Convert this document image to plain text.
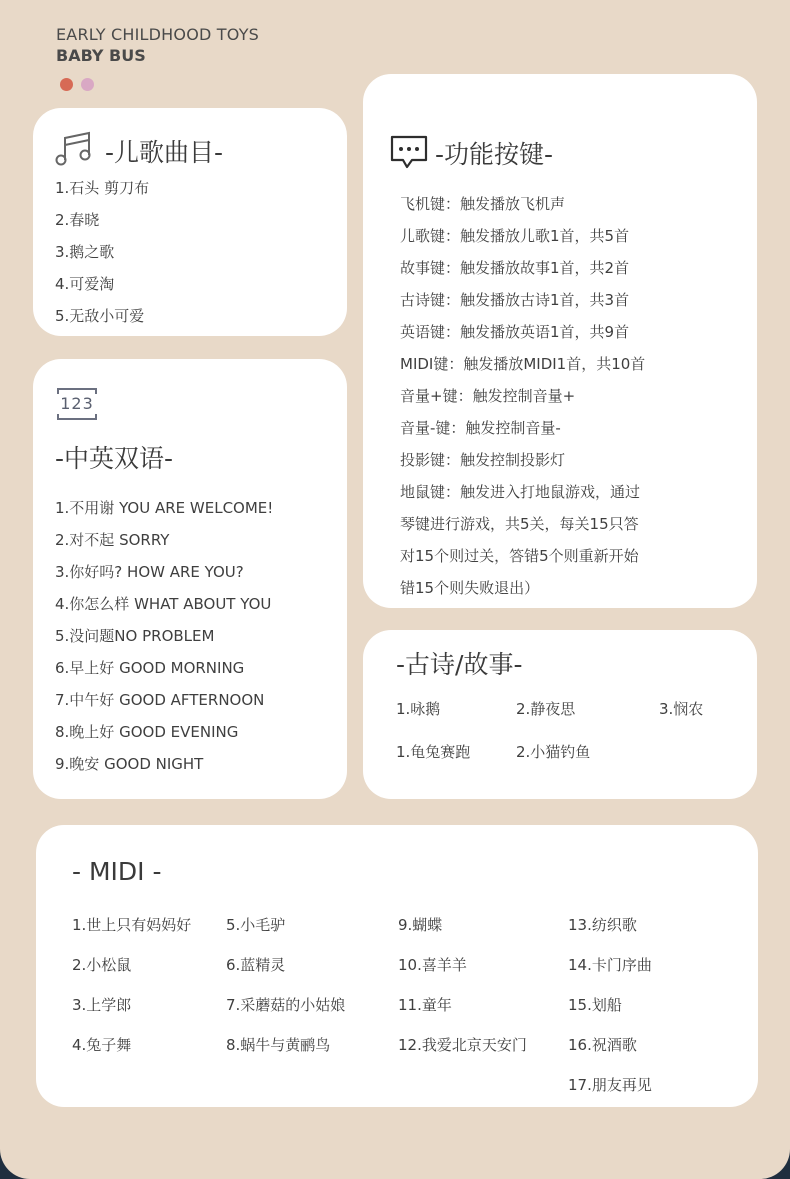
EARLY CHILDHOOD TOYS
BABY BUS
-儿歌曲目-
1.石头 剪刀布
2.春晓
3.鹅之歌
4.可爱淘
5.无敌小可爱
123
-中英双语-
1.不用谢 YOU ARE WELCOME!
2.对不起 SORRY
3.你好吗? HOW ARE YOU?
4.你怎么样 WHAT ABOUT YOU
5.没问题NO PROBLEM
6.早上好 GOOD MORNING
7.中午好 GOOD AFTERNOON
8.晚上好 GOOD EVENING
9.晚安 GOOD NIGHT
-功能按键-
飞机键：触发播放飞机声
儿歌键：触发播放儿歌1首，共5首
故事键：触发播放故事1首，共2首
古诗键：触发播放古诗1首，共3首
英语键：触发播放英语1首，共9首
MIDI键：触发播放MIDI1首，共10首
音量+键：触发控制音量+
音量-键：触发控制音量-
投影键：触发控制投影灯
地鼠键：触发进入打地鼠游戏，通过
琴键进行游戏，共5关，每关15只答
对15个则过关，答错5个则重新开始
错15个则失败退出）
-古诗/故事-
1.咏鹅	2.静夜思	3.悯农
1.龟兔赛跑	2.小猫钓鱼
- MIDI -
1.世上只有妈妈好
2.小松鼠
3.上学郎
4.兔子舞
5.小毛驴
6.蓝精灵
7.采蘑菇的小姑娘
8.蜗牛与黄鹂鸟
9.蝴蝶
10.喜羊羊
11.童年
12.我爱北京天安门
13.纺织歌
14.卡门序曲
15.划船
16.祝酒歌
17.朋友再见
